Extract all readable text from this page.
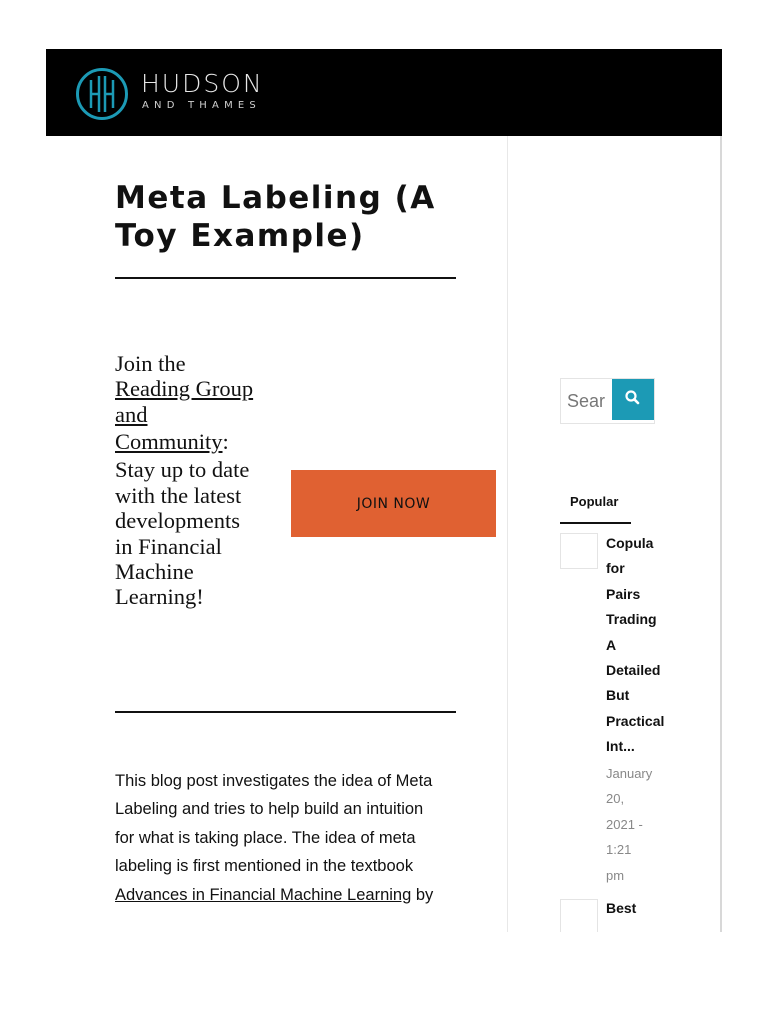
HUDSON
AND THAMES
Meta Labeling (A Toy Example)
Join the
Reading Group
and
Community:
Stay up to date
with the latest
developments
in Financial
Machine
Learning!
JOIN NOW
This blog post investigates the idea of Meta
Labeling and tries to help build an intuition
for what is taking place. The idea of meta
labeling is first mentioned in the textbook
Advances in Financial Machine Learning by
Sear
Popular
Copula
for
Pairs
Trading
A
Detailed
But
Practical
Int...
January
20,
2021 -
1:21
pm
Best
